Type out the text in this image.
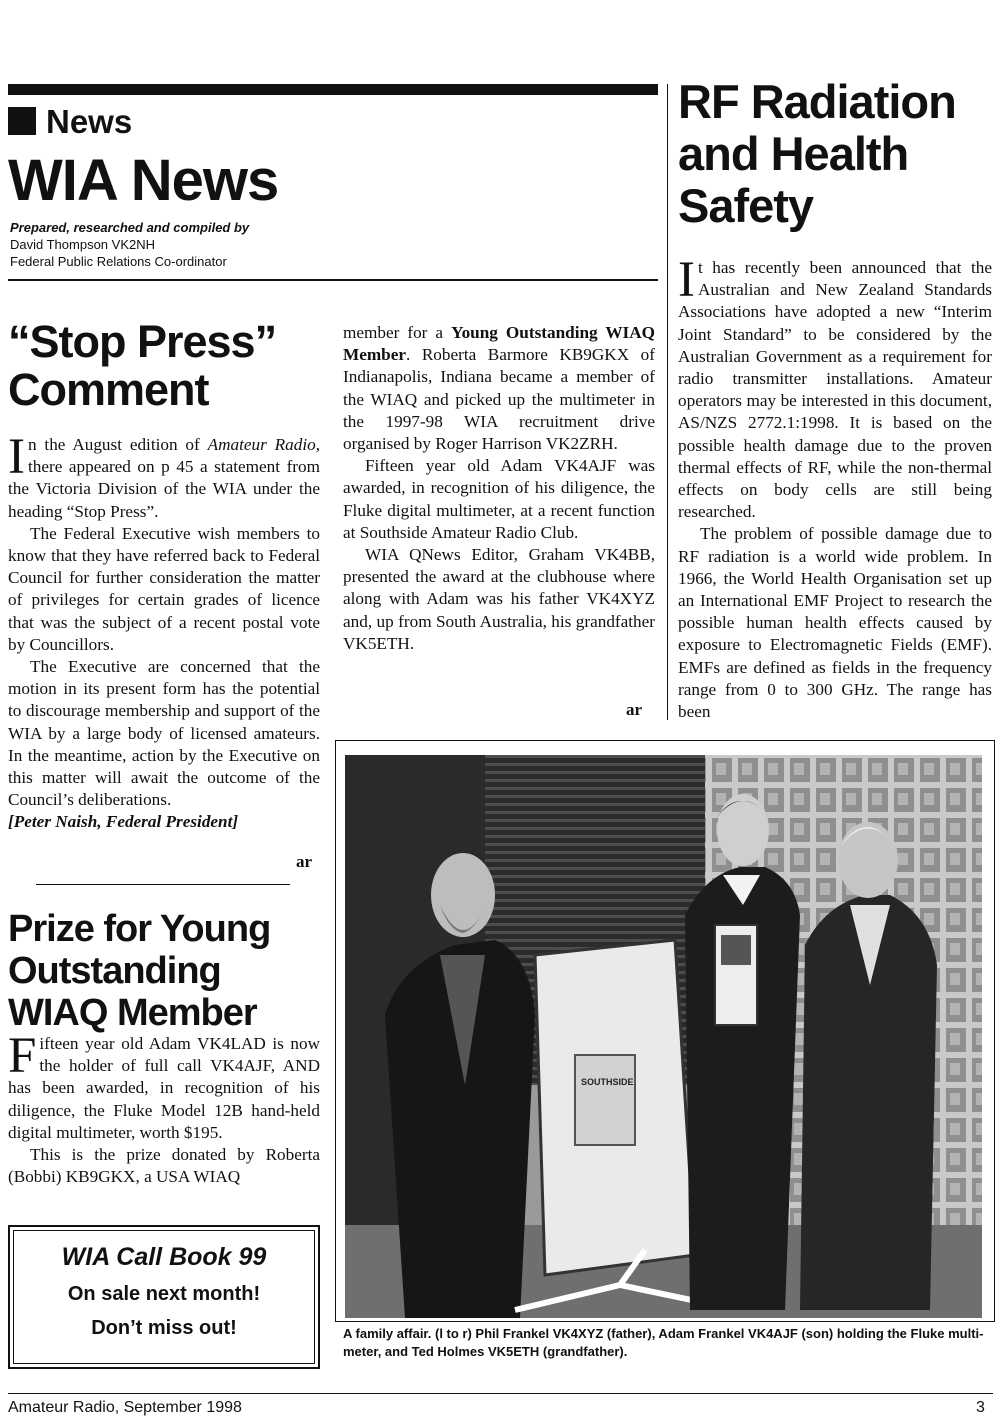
News
WIA News
Prepared, researched and compiled by
David Thompson VK2NH
Federal Public Relations Co-ordinator
RF Radiation and Health Safety

It has recently been announced that the Australian and New Zealand Standards Associations have adopted a new “Interim Joint Standard” to be considered by the Australian Government as a requirement for radio transmitter installations. Amateur operators may be interested in this document, AS/NZS 2772.1:1998. It is based on the possible health damage due to the proven thermal effects of RF, while the non-thermal effects on body cells are still being researched.

The problem of possible damage due to RF radiation is a world wide problem. In 1966, the World Health Organisation set up an International EMF Project to research the possible human health effects caused by exposure to Electromagnetic Fields (EMF). EMFs are defined as fields in the frequency range from 0 to 300 GHz. The range has been

“Stop Press” Comment

In the August edition of Amateur Radio, there appeared on p 45 a statement from the Victoria Division of the WIA under the heading “Stop Press”.

The Federal Executive wish members to know that they have referred back to Federal Council for further consideration the matter of privileges for certain grades of licence that was the subject of a recent postal vote by Councillors.

The Executive are concerned that the motion in its present form has the potential to discourage membership and support of the WIA by a large body of licensed amateurs. In the meantime, action by the Executive on this matter will await the outcome of the Council’s deliberations.

[Peter Naish, Federal President]

ar
Prize for Young Outstanding WIAQ Member

Fifteen year old Adam VK4LAD is now the holder of full call VK4AJF, AND has been awarded, in recognition of his diligence, the Fluke Model 12B hand-held digital multimeter, worth $195.

This is the prize donated by Roberta (Bobbi) KB9GKX, a USA WIAQ

member for a Young Outstanding WIAQ Member. Roberta Barmore KB9GKX of Indianapolis, Indiana became a member of the WIAQ and picked up the multimeter in the 1997-98 WIA recruitment drive organised by Roger Harrison VK2ZRH.

Fifteen year old Adam VK4AJF was awarded, in recognition of his diligence, the Fluke digital multimeter, at a recent function at Southside Amateur Radio Club.

WIA QNews Editor, Graham VK4BB, presented the award at the clubhouse where along with Adam was his father VK4XYZ and, up from South Australia, his grandfather VK5ETH.

ar
WIA Call Book 99
On sale next month!
Don’t miss out!
SOUTHSIDE
A family affair. (l to r) Phil Frankel VK4XYZ (father), Adam Frankel VK4AJF (son) holding the Fluke multi-meter, and Ted Holmes VK5ETH (grandfather).
Amateur Radio, September 1998	3
